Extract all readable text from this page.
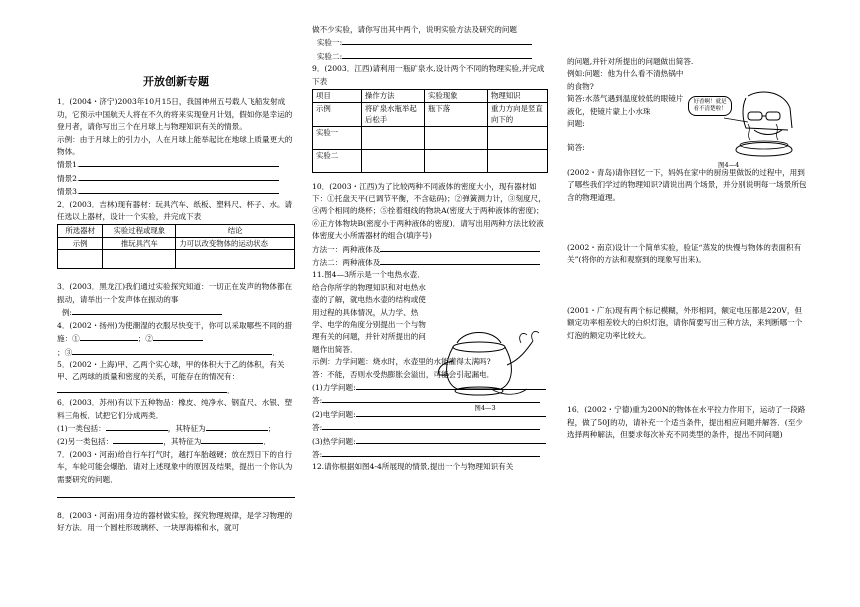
开放创新专题

1．(2004・济宁)2003年10月15日，我国神州五号载人飞船发射成功，它预示中国航天人将在不久的将来实现登月计划，假如你是幸运的登月者，请你写出三个在月球上与物理知识有关的情景。

示例：由于月球上的引力小，人在月球上能举起比在地球上质量更大的物体。

情景1.

情景2.

情景3.

2．(2003．吉林)现有器材：玩具汽车、纸板、塑料尺、杯子、水。请任选以上器材，设计一个实验，并完成下表

所选器材	实验过程或现象	结论
示例	推玩具汽车	力可以改变物体的运动状态

3．(2003．黑龙江)我们通过实验探究知道：一切正在发声的物体都在振动，请举出一个发声体在振动的事

例:

4．(2002・扬州)为使潮湿的衣服尽快变干，你可以采取哪些不同的措施：①	；②

；③	．

5．(2002・上海)甲、乙两个实心球，甲的体积大于乙的体积，有关甲、乙两球的质量和密度的关系，可能存在的情况有：．

6．(2003．苏州)有以下五种物品：橡皮、纯净水、钢直尺、水银、塑料三角板．试把它们分成两类．

(1)一类包括：	，其特征为	；

(2)另一类包括：	，其特征为	．

7．(2003・河南)给自行车打气时，越打车胎越硬；放在烈日下的自行车，车轮可能会爆胎．请对上述现象中的原因及结果，提出一个你认为需要研究的问题．

8．(2003・河南)用身边的器材做实验，探究物理规律，是学习物理的好方法．用一个圆柱形玻璃杯、一块厚海棉和水，就可

做不少实验，请你写出其中两个，说明实验方法及研究的问题

实验一:

实验二:

9．(2003．江西)请利用一瓶矿泉水,设计两个不同的物理实验,并完成下表

项目	操作方法	实验现象	物理知识
示例	将矿泉水瓶举起后松手	瓶下落	重力方向是竖直向下的
实验一			
实验二			

10．(2003・江西)为了比较两种不同液体的密度大小，现有器材如下：①托盘天平(已调节平衡，不含砝码)；②弹簧测力计，③刻度尺，④两个相同的烧杯；⑤拴着细线的物块A(密度大于两种液体的密度)；⑥正方体物块B(密度小于两种液体的密度)．请写出用两种方法比较液体密度大小所需器材的组合(填序号)

方法一：两种液体及

方法二：两种液体及

11.图4—3所示是一个电热水壶．给合你所学的物理知识和对电热水壶的了解，就电热水壶的结构或使用过程的具体情况，从力学、热学、电学的角度分别提出一个与物理有关的问题，并针对所提出的问题作出简答．

示例：力学问题：烧水时，水壶里的水能灌得太满吗?

答：不能，否则水受热膨胀会溢出，可能会引起漏电．

(1)力学问题:

答:

(2)电学问题:

答:

(3)热学问题:

答:

12.请你根据如图4-4所展现的情景,提出一个与物理知识有关

图4—3

的问题,并针对所提出的问题做出简答.

例如:问题：他为什么看不清热锅中的食物?

简答:水蒸气遇到温度较低的眼镜片液化，使镜片蒙上小水珠

问题:

简答:

(2002・青岛)请你回忆一下，妈妈在家中的厨房里做饭的过程中，用到了哪些我们学过的物理知识?请说出两个场景，并分别说明每一场景所包含的物理道理。

(2002・南京)设计一个简单实验，验证“蒸发的快慢与物体的表面积有关”(将你的方法和观察到的现象写出来)。

(2001・广东)现有两个标记模糊，外形相同，额定电压都是220V，但额定功率相差较大的白炽灯泡，请你简要写出三种方法，来判断哪一个灯泡的额定功率比较大。

16．(2002・宁德)重为200N的物体在水平拉力作用下，运动了一段路程，做了50J的功，请补充一个适当条件，提出相应问题并解答．(至少选择两种解法，但要求每次补充不同类型的条件，提出不同问题)

好香啊！就是看不清楚啦！
图4—4
